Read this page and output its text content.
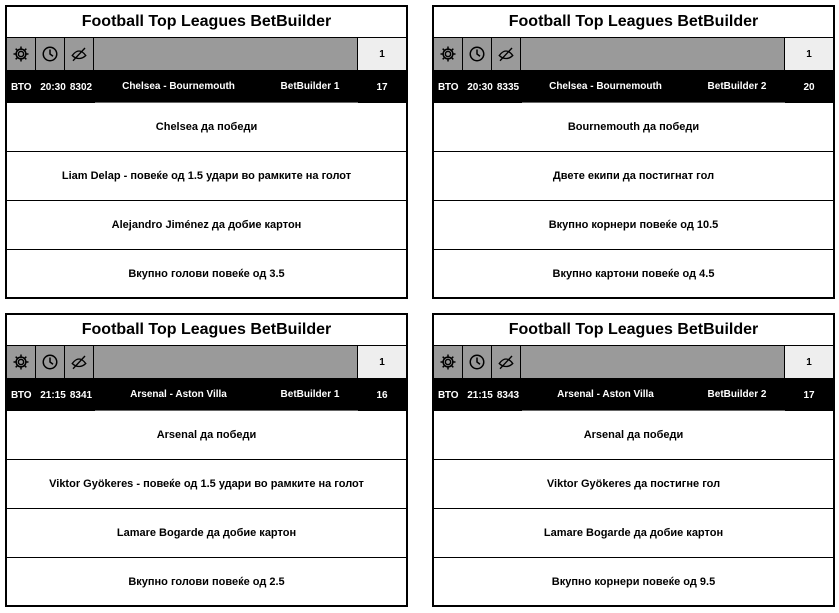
Football Top Leagues BetBuilder
1
ВТО 20:30 8302	Chelsea - Bournemouth	BetBuilder 1	17
Chelsea да победи
Liam Delap - повеќе од 1.5 удари во рамките на голот
Alejandro Jiménez да добие картон
Вкупно голови повеќе од 3.5
Football Top Leagues BetBuilder
1
ВТО 20:30 8335	Chelsea - Bournemouth	BetBuilder 2	20
Bournemouth да победи
Двете екипи да постигнат гол
Вкупно корнери повеќе од 10.5
Вкупно картони повеќе од 4.5
Football Top Leagues BetBuilder
1
ВТО 21:15 8341	Arsenal - Aston Villa	BetBuilder 1	16
Arsenal да победи
Viktor Gyökeres - повеќе од 1.5 удари во рамките на голот
Lamare Bogarde да добие картон
Вкупно голови повеќе од 2.5
Football Top Leagues BetBuilder
1
ВТО 21:15 8343	Arsenal - Aston Villa	BetBuilder 2	17
Arsenal да победи
Viktor Gyökeres да постигне гол
Lamare Bogarde да добие картон
Вкупно корнери повеќе од 9.5
